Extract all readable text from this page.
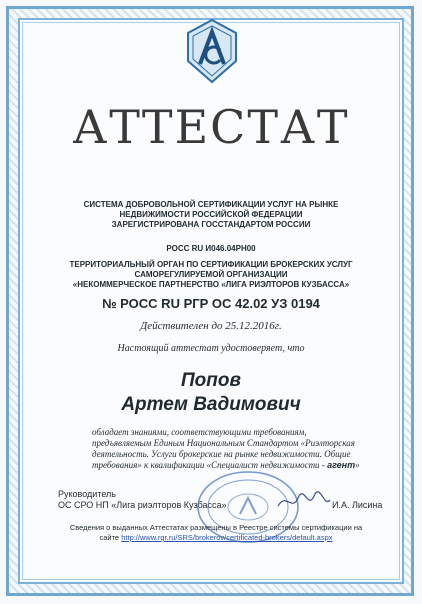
АТТЕСТАТ
СИСТЕМА ДОБРОВОЛЬНОЙ СЕРТИФИКАЦИИ УСЛУГ НА РЫНКЕ
НЕДВИЖИМОСТИ РОССИЙСКОЙ ФЕДЕРАЦИИ
ЗАРЕГИСТРИРОВАНА ГОССТАНДАРТОМ РОССИИ
РОСС RU И046.04РН00
ТЕРРИТОРИАЛЬНЫЙ ОРГАН ПО СЕРТИФИКАЦИИ БРОКЕРСКИХ УСЛУГ
САМОРЕГУЛИРУЕМОЙ ОРГАНИЗАЦИИ
«НЕКОММЕРЧЕСКОЕ ПАРТНЕРСТВО «ЛИГА РИЭЛТОРОВ КУЗБАССА»
№ РОСС RU РГР ОС 42.02 УЗ 0194
Действителен до 25.12.2016г.
Настоящий аттестат удостоверяет, что
Попов
Артем Вадимович
обладает знаниями, соответствующими требованиям,
предъявляемым Единым Национальным Стандартом «Риэлторская
деятельность. Услуги брокерские на рынке недвижимости. Общие
требования» к квалификации «Специалист недвижимости - агент»
Руководитель
ОС СРО НП «Лига риэлторов Кузбасса»	И.А. Лисина
Сведения о выданных Аттестатах размещены в Реестре системы сертификации на
сайте http://www.rgr.ru/SRS/brokerov/certificated-brokers/default.aspx
